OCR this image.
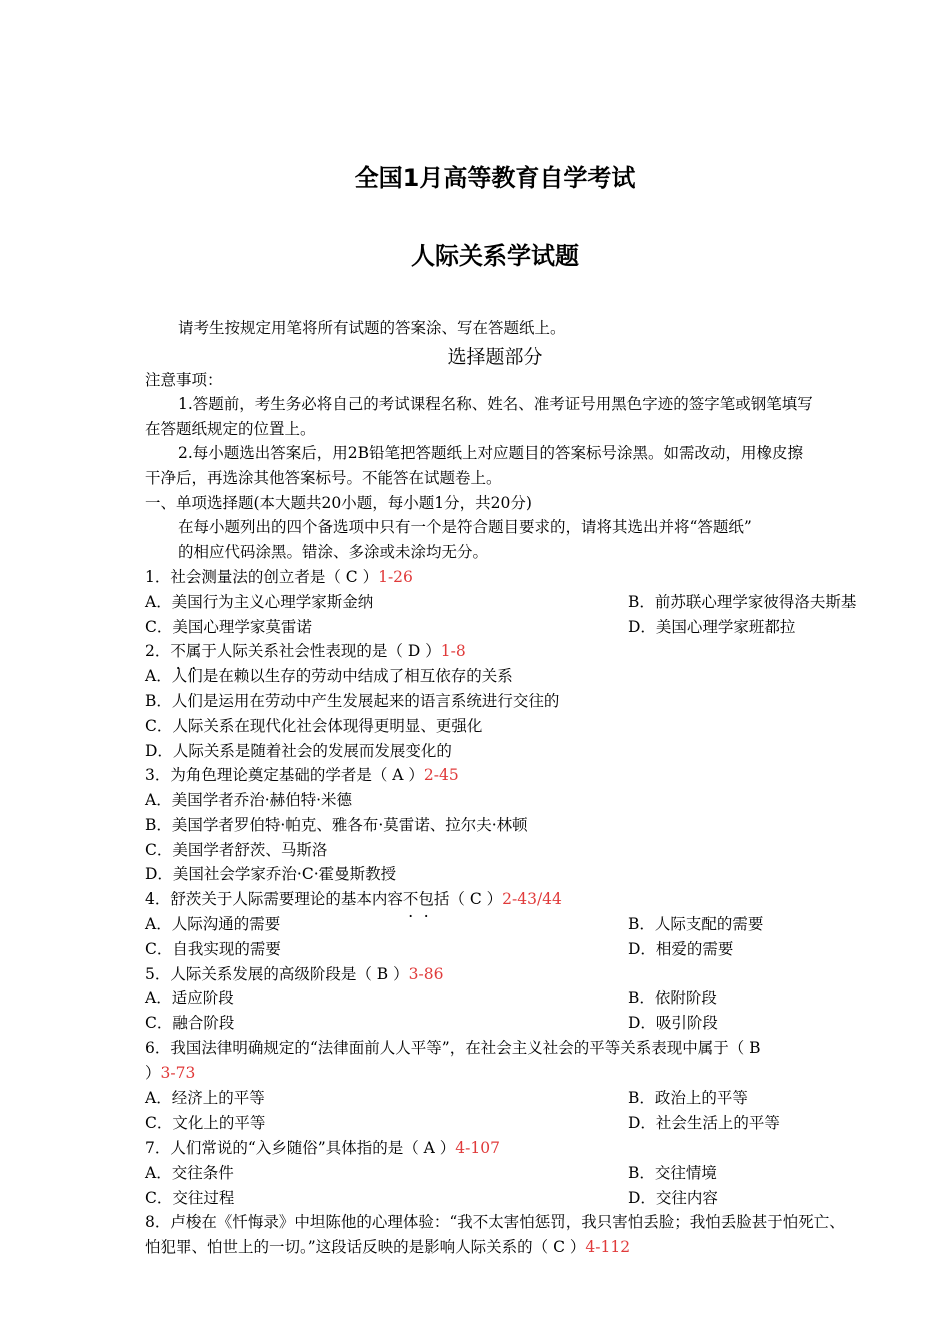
全国1月高等教育自学考试
人际关系学试题
请考生按规定用笔将所有试题的答案涂、写在答题纸上。
选择题部分
注意事项：
1.答题前，考生务必将自己的考试课程名称、姓名、准考证号用黑色字迹的签字笔或钢笔填写
在答题纸规定的位置上。
2.每小题选出答案后，用2B铅笔把答题纸上对应题目的答案标号涂黑。如需改动，用橡皮擦
干净后，再选涂其他答案标号。不能答在试题卷上。
一、单项选择题(本大题共20小题，每小题1分，共20分)
在每小题列出的四个备选项中只有一个是符合题目要求的，请将其选出并将“答题纸”
的相应代码涂黑。错涂、多涂或未涂均无分。
1．社会测量法的创立者是（ C ）1-26
A．美国行为主义心理学家斯金纳	B．前苏联心理学家彼得洛夫斯基
C．美国心理学家莫雷诺	D．美国心理学家班都拉
2．不属于人际关系社会性表现的是（ D ）1-8
A．人们是在赖以生存的劳动中结成了相互依存的关系
B．人们是运用在劳动中产生发展起来的语言系统进行交往的
C．人际关系在现代化社会体现得更明显、更强化
D．人际关系是随着社会的发展而发展变化的
3．为角色理论奠定基础的学者是（ A ）2-45
A．美国学者乔治·赫伯特·米德
B．美国学者罗伯特·帕克、雅各布·莫雷诺、拉尔夫·林顿
C．美国学者舒茨、马斯洛
D．美国社会学家乔治·C·霍曼斯教授
4．舒茨关于人际需要理论的基本内容不包括（ C ）2-43/44
A．人际沟通的需要	B．人际支配的需要
C．自我实现的需要	D．相爱的需要
5．人际关系发展的高级阶段是（ B ）3-86
A．适应阶段	B．依附阶段
C．融合阶段	D．吸引阶段
6．我国法律明确规定的“法律面前人人平等”，在社会主义社会的平等关系表现中属于（ B
）3-73
A．经济上的平等	B．政治上的平等
C．文化上的平等	D．社会生活上的平等
7．人们常说的“入乡随俗”具体指的是（ A ）4-107
A．交往条件	B．交往情境
C．交往过程	D．交往内容
8．卢梭在《忏悔录》中坦陈他的心理体验：“我不太害怕惩罚，我只害怕丢脸；我怕丢脸甚于怕死亡、
怕犯罪、怕世上的一切。”这段话反映的是影响人际关系的（ C ）4-112
